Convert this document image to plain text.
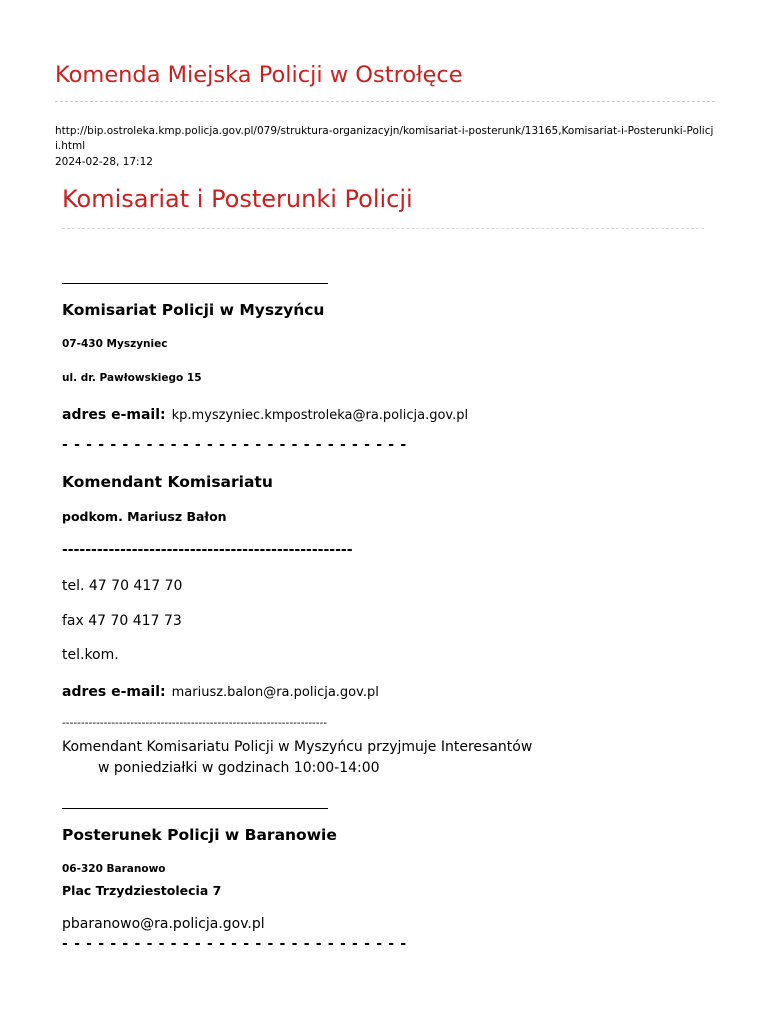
Komenda Miejska Policji w Ostrołęce
http://bip.ostroleka.kmp.policja.gov.pl/079/struktura-organizacyjn/komisariat-i-posterunk/13165,Komisariat-i-Posterunki-Policji.html
2024-02-28, 17:12
Komisariat i Posterunki Policji
Komisariat Policji w Myszyńcu
07-430 Myszyniec
ul. dr. Pawłowskiego 15
adres e-mail: kp.myszyniec.kmpostroleka@ra.policja.gov.pl
- - - - - - - - - - - - - - - - - - - - - - - - - - - - -
Komendant Komisariatu
podkom. Mariusz Bałon
--------------------------------------------------
tel. 47 70 417 70
fax 47 70 417 73
tel.kom.
adres e-mail: mariusz.balon@ra.policja.gov.pl
----------------------------------------------------------------------
Komendant Komisariatu Policji w Myszyńcu przyjmuje Interesantów
w poniedziałki w godzinach 10:00-14:00
Posterunek Policji w Baranowie
06-320 Baranowo
Plac Trzydziestolecia 7
pbaranowo@ra.policja.gov.pl
- - - - - - - - - - - - - - - - - - - - - - - - - - - - -
